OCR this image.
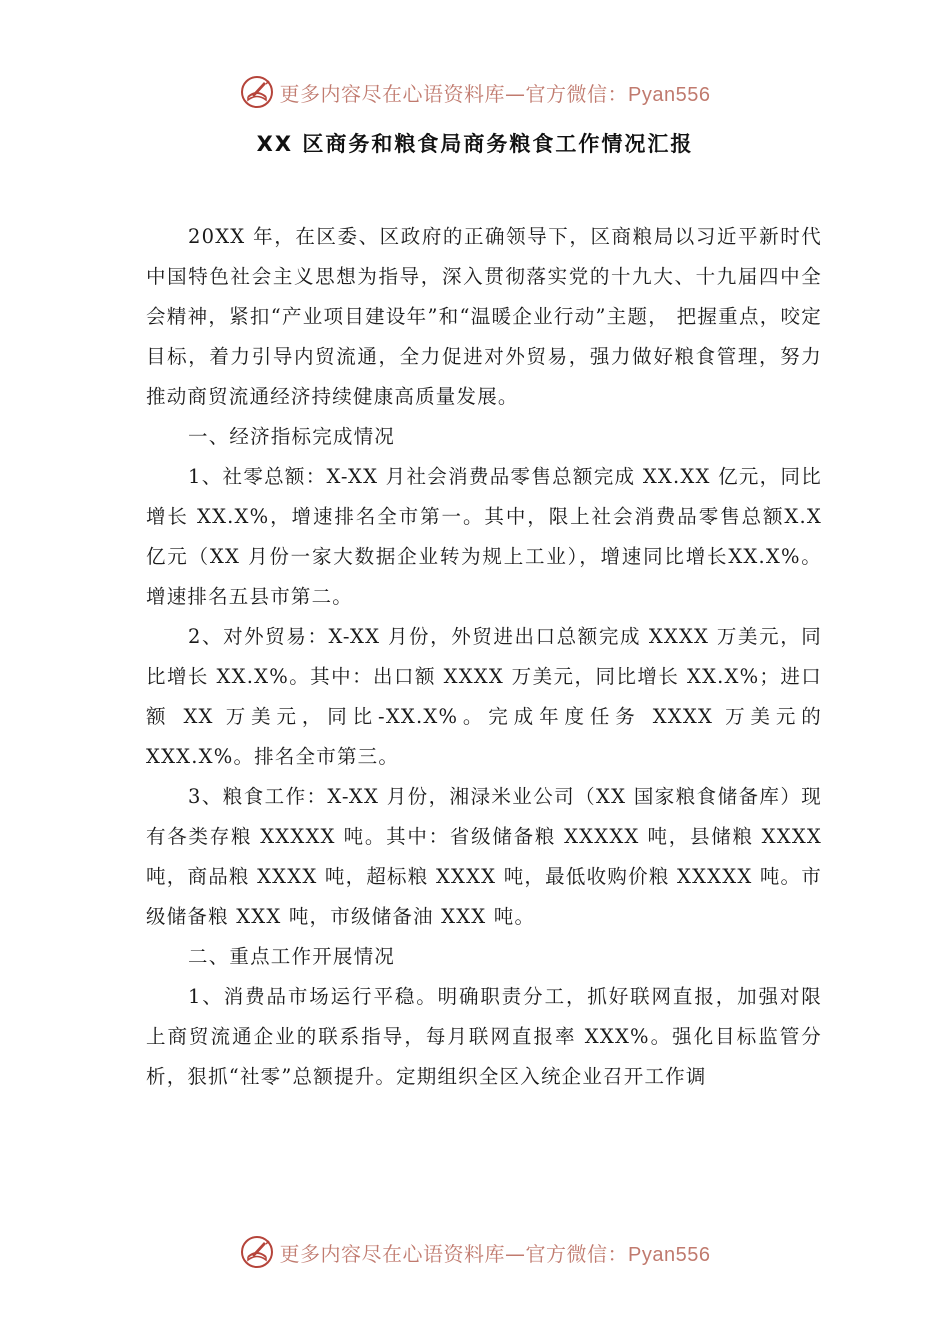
更多内容尽在心语资料库—官方微信：Pyan556
XX 区商务和粮食局商务粮食工作情况汇报

20XX 年，在区委、区政府的正确领导下，区商粮局以习近平新时代中国特色社会主义思想为指导，深入贯彻落实党的十九大、十九届四中全会精神，紧扣“产业项目建设年”和“温暖企业行动”主题， 把握重点，咬定目标，着力引导内贸流通，全力促进对外贸易，强力做好粮食管理，努力推动商贸流通经济持续健康高质量发展。

一、经济指标完成情况

1、社零总额：X-XX 月社会消费品零售总额完成 XX.XX 亿元，同比增长 XX.X%，增速排名全市第一。其中，限上社会消费品零售总额X.X 亿元（XX 月份一家大数据企业转为规上工业），增速同比增长XX.X%。增速排名五县市第二。

2、对外贸易：X-XX 月份，外贸进出口总额完成 XXXX 万美元，同比增长 XX.X%。其中：出口额 XXXX 万美元，同比增长 XX.X%；进口额 XX 万美元，同比-XX.X%。完成年度任务 XXXX 万美元的XXX.X%。排名全市第三。

3、粮食工作：X-XX 月份，湘渌米业公司（XX 国家粮食储备库）现有各类存粮 XXXXX 吨。其中：省级储备粮 XXXXX 吨，县储粮 XXXX 吨，商品粮 XXXX 吨，超标粮 XXXX 吨，最低收购价粮 XXXXX 吨。市级储备粮 XXX 吨，市级储备油 XXX 吨。

二、重点工作开展情况

1、消费品市场运行平稳。明确职责分工，抓好联网直报，加强对限上商贸流通企业的联系指导，每月联网直报率 XXX%。强化目标监管分析，狠抓“社零”总额提升。定期组织全区入统企业召开工作调

更多内容尽在心语资料库—官方微信：Pyan556
